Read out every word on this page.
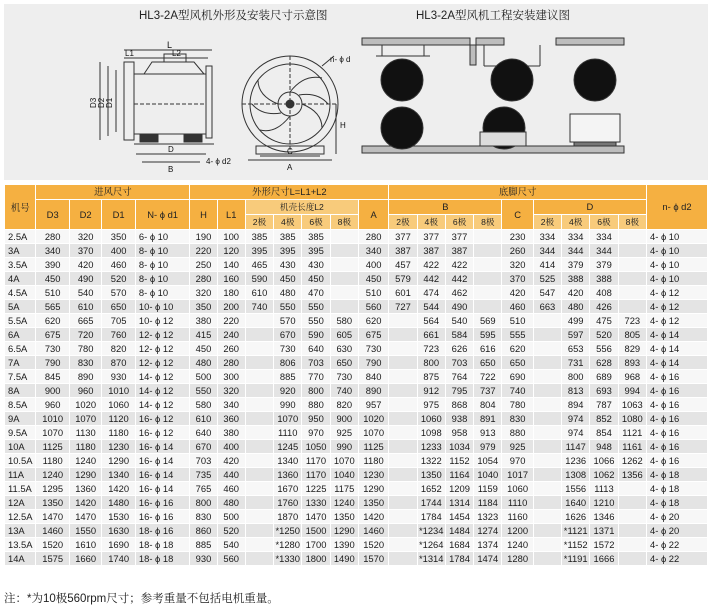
HL3-2A型风机外形及安装尺寸示意图	HL3-2A型风机工程安装建议图
L
L1	L2
D3 D2 D1
D
B
4- ϕ d2
C
A
H
n- ϕ d
机号	进风尺寸				外形尺寸L=L1+L2							底脚尺寸									n- ϕ d2
	D3	D2	D1	N- ϕ d1	H	L1	机壳长度L2				A	B				C	D				
							2极	4极	6极	8极		2极	4极	6极	8极		2极	4极	6极	8极	
2.5A	280	320	350	6- ϕ 10	190	100	385	385	385		280	377	377	377		230	334	334	334		4- ϕ 10
3A	340	370	400	8- ϕ 10	220	120	395	395	395		340	387	387	387		260	344	344	344		4- ϕ 10
3.5A	390	420	460	8- ϕ 10	250	140	465	430	430		400	457	422	422		320	414	379	379		4- ϕ 10
4A	450	490	520	8- ϕ 10	280	160	590	450	450		450	579	442	442		370	525	388	388		4- ϕ 10
4.5A	510	540	570	8- ϕ 10	320	180	610	480	470		510	601	474	462		420	547	420	408		4- ϕ 12
5A	565	610	650	10- ϕ 10	350	200	740	550	550		560	727	544	490		460	663	480	426		4- ϕ 12
5.5A	620	665	705	10- ϕ 12	380	220		570	550	580	620		564	540	569	510		499	475	723	4- ϕ 12
6A	675	720	760	12- ϕ 12	415	240		670	590	605	675		661	584	595	555		597	520	805	4- ϕ 14
6.5A	730	780	820	12- ϕ 12	450	260		730	640	630	730		723	626	616	620		653	556	829	4- ϕ 14
7A	790	830	870	12- ϕ 12	480	280		806	703	650	790		800	703	650	650		731	628	893	4- ϕ 14
7.5A	845	890	930	14- ϕ 12	500	300		885	770	730	840		875	764	722	690		800	689	968	4- ϕ 16
8A	900	960	1010	14- ϕ 12	550	320		920	800	740	890		912	795	737	740		813	693	994	4- ϕ 16
8.5A	960	1020	1060	14- ϕ 12	580	340		990	880	820	957		975	868	804	780		894	787	1063	4- ϕ 16
9A	1010	1070	1120	16- ϕ 12	610	360		1070	950	900	1020		1060	938	891	830		974	852	1080	4- ϕ 16
9.5A	1070	1130	1180	16- ϕ 12	640	380		1110	970	925	1070		1098	958	913	880		974	854	1121	4- ϕ 16
10A	1125	1180	1230	16- ϕ 14	670	400		1245	1050	990	1125		1233	1034	979	925		1147	948	1161	4- ϕ 16
10.5A	1180	1240	1290	16- ϕ 14	703	420		1340	1170	1070	1180		1322	1152	1054	970		1236	1066	1262	4- ϕ 16
11A	1240	1290	1340	16- ϕ 14	735	440		1360	1170	1040	1230		1350	1164	1040	1017		1308	1062	1356	4- ϕ 18
11.5A	1295	1360	1420	16- ϕ 14	765	460		1670	1225	1175	1290		1652	1209	1159	1060		1556	1113		4- ϕ 18
12A	1350	1420	1480	16- ϕ 16	800	480		1760	1330	1240	1350		1744	1314	1184	1110		1640	1210		4- ϕ 18
12.5A	1470	1470	1530	16- ϕ 16	830	500		1870	1470	1350	1420		1784	1454	1323	1160		1626	1346		4- ϕ 20
13A	1460	1550	1630	18- ϕ 16	860	520		*1250	1500	1290	1460		*1234	1484	1274	1200		*1121	1371		4- ϕ 20
13.5A	1520	1610	1690	18- ϕ 18	885	540		*1280	1700	1390	1520		*1264	1684	1374	1240		*1152	1572		4- ϕ 22
14A	1575	1660	1740	18- ϕ 18	930	560		*1330	1800	1490	1570		*1314	1784	1474	1280		*1191	1666		4- ϕ 22
注：*为10极560rpm尺寸；参考重量不包括电机重量。
